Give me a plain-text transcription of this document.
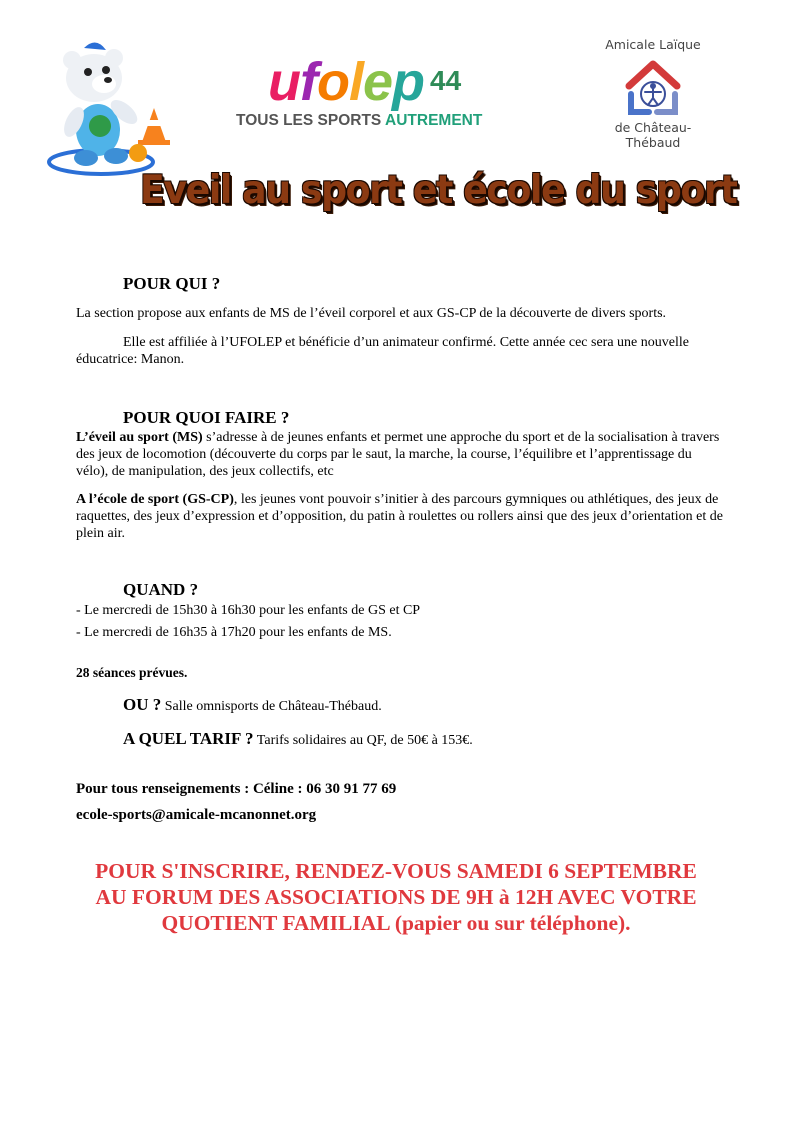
ufolep 44
TOUS LES SPORTS AUTREMENT
Amicale Laïque
de Château-Thébaud
Eveil au sport et école du sport
POUR QUI ?
La section propose aux enfants de MS de l’éveil corporel et aux GS-CP de la découverte de divers sports.
Elle est affiliée à l’UFOLEP et bénéficie d’un animateur confirmé. Cette année cec sera une nouvelle éducatrice: Manon.
POUR QUOI FAIRE ?
L’éveil au sport (MS) s’adresse à de jeunes enfants et permet une approche du sport et de la socialisation à travers des jeux de locomotion (découverte du corps par le saut, la marche, la course, l’équilibre et l’apprentissage du vélo), de manipulation, des jeux collectifs, etc
A l’école de sport (GS-CP), les jeunes vont pouvoir s’initier à des parcours gymniques ou athlétiques, des jeux de raquettes, des jeux d’expression et d’opposition, du patin à roulettes ou rollers ainsi que des jeux d’orientation et de plein air.
QUAND ?
- Le mercredi de 15h30 à 16h30 pour les enfants de GS et CP
- Le mercredi de 16h35 à 17h20 pour les enfants de MS.
28 séances prévues.
OU ? Salle omnisports de Château-Thébaud.
A QUEL TARIF ? Tarifs solidaires au QF, de 50€ à 153€.
Pour tous renseignements : Céline : 06 30 91 77 69
ecole-sports@amicale-mcanonnet.org
POUR S'INSCRIRE, RENDEZ-VOUS SAMEDI 6 SEPTEMBRE
AU FORUM DES ASSOCIATIONS DE 9H à 12H AVEC VOTRE
QUOTIENT FAMILIAL (papier ou sur téléphone).
